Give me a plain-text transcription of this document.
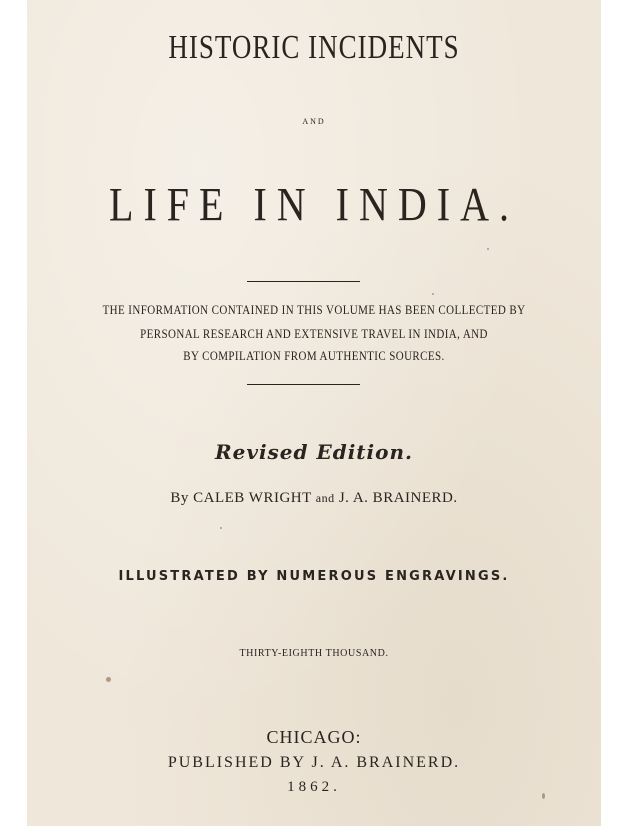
HISTORIC INCIDENTS
AND
LIFE IN INDIA.
THE INFORMATION CONTAINED IN THIS VOLUME HAS BEEN COLLECTED BY
PERSONAL RESEARCH AND EXTENSIVE TRAVEL IN INDIA, AND
BY COMPILATION FROM AUTHENTIC SOURCES.
Revised Edition.
By CALEB WRIGHT and J. A. BRAINERD.
ILLUSTRATED BY NUMEROUS ENGRAVINGS.
THIRTY-EIGHTH THOUSAND.
CHICAGO:
PUBLISHED BY J. A. BRAINERD.
1862.
